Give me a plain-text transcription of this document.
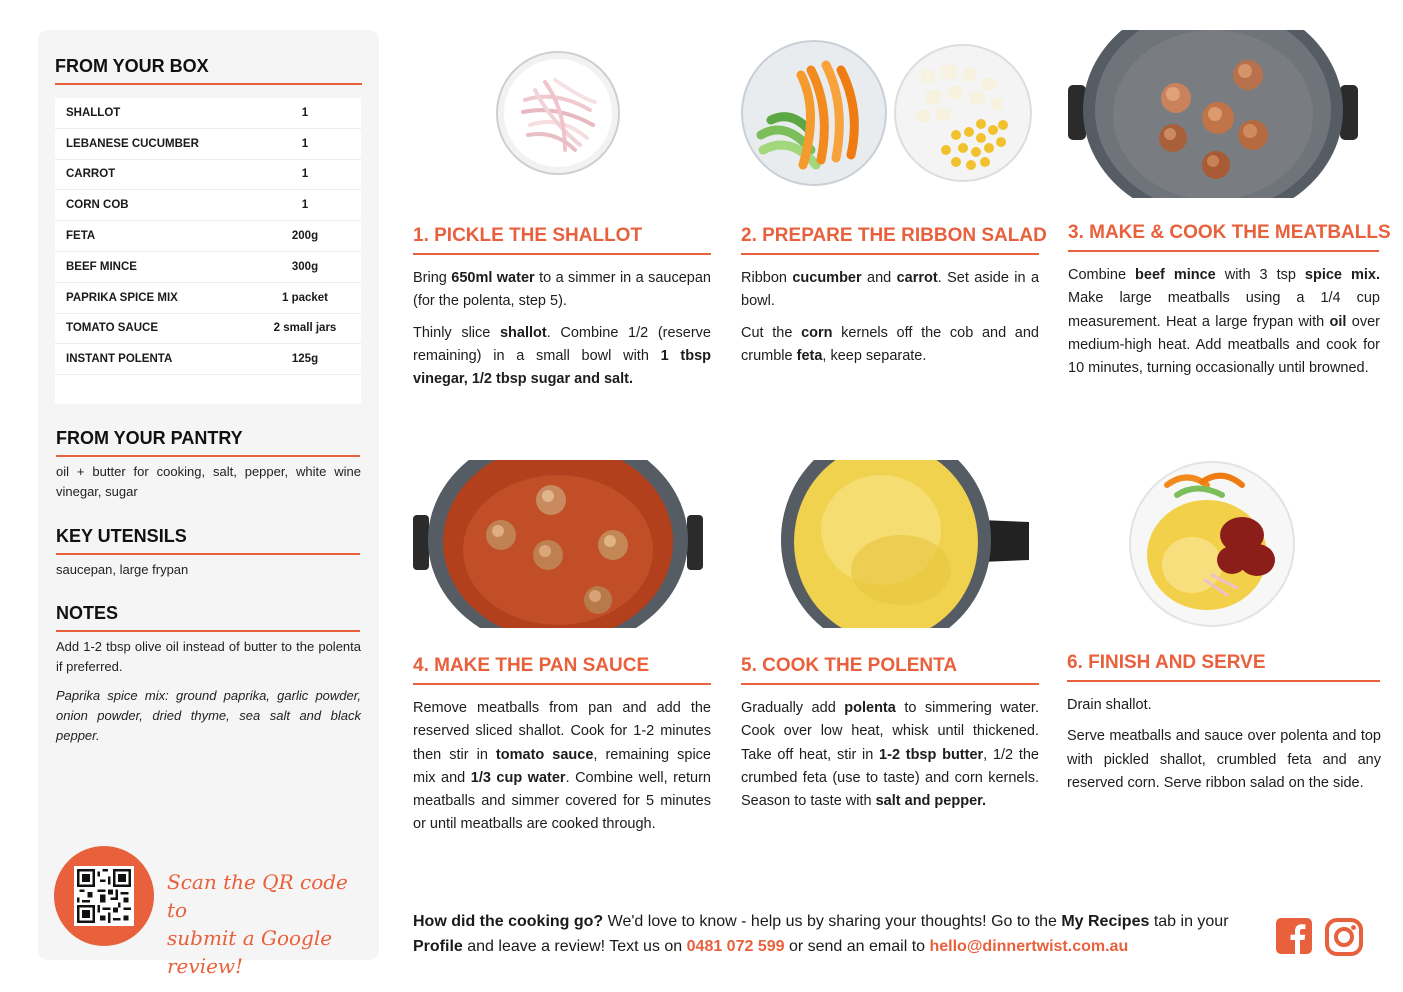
FROM YOUR BOX
SHALLOT	1
LEBANESE CUCUMBER	1
CARROT	1
CORN COB	1
FETA	200g
BEEF MINCE	300g
PAPRIKA SPICE MIX	1 packet
TOMATO SAUCE	2 small jars
INSTANT POLENTA	125g
FROM YOUR PANTRY
oil + butter for cooking, salt, pepper, white wine vinegar, sugar
KEY UTENSILS
saucepan, large frypan
NOTES
Add 1-2 tbsp olive oil instead of butter to the polenta if preferred.
Paprika spice mix: ground paprika, garlic powder, onion powder, dried thyme, sea salt and black pepper.
Scan the QR code to
submit a Google review!
1. PICKLE THE SHALLOT

Bring 650ml water to a simmer in a saucepan (for the polenta, step 5).

Thinly slice shallot. Combine 1/2 (reserve remaining) in a small bowl with 1 tbsp vinegar, 1/2 tbsp sugar and salt.

2. PREPARE THE RIBBON SALAD

Ribbon cucumber and carrot. Set aside in a bowl.

Cut the corn kernels off the cob and and crumble feta, keep separate.

3. MAKE & COOK THE MEATBALLS

Combine beef mince with 3 tsp spice mix. Make large meatballs using a 1/4 cup measurement. Heat a large frypan with oil over medium-high heat. Add meatballs and cook for 10 minutes, turning occasionally until browned.

4. MAKE THE PAN SAUCE

Remove meatballs from pan and add the reserved sliced shallot. Cook for 1-2 minutes then stir in tomato sauce, remaining spice mix and 1/3 cup water. Combine well, return meatballs and simmer covered for 5 minutes or until meatballs are cooked through.

5. COOK THE POLENTA

Gradually add polenta to simmering water. Cook over low heat, whisk until thickened. Take off heat, stir in 1-2 tbsp butter, 1/2 the crumbed feta (use to taste) and corn kernels. Season to taste with salt and pepper.

6. FINISH AND SERVE

Drain shallot.

Serve meatballs and sauce over polenta and top with pickled shallot, crumbled feta and any reserved corn. Serve ribbon salad on the side.

How did the cooking go? We'd love to know - help us by sharing your thoughts! Go to the My Recipes tab in your Profile and leave a review! Text us on 0481 072 599 or send an email to hello@dinnertwist.com.au
